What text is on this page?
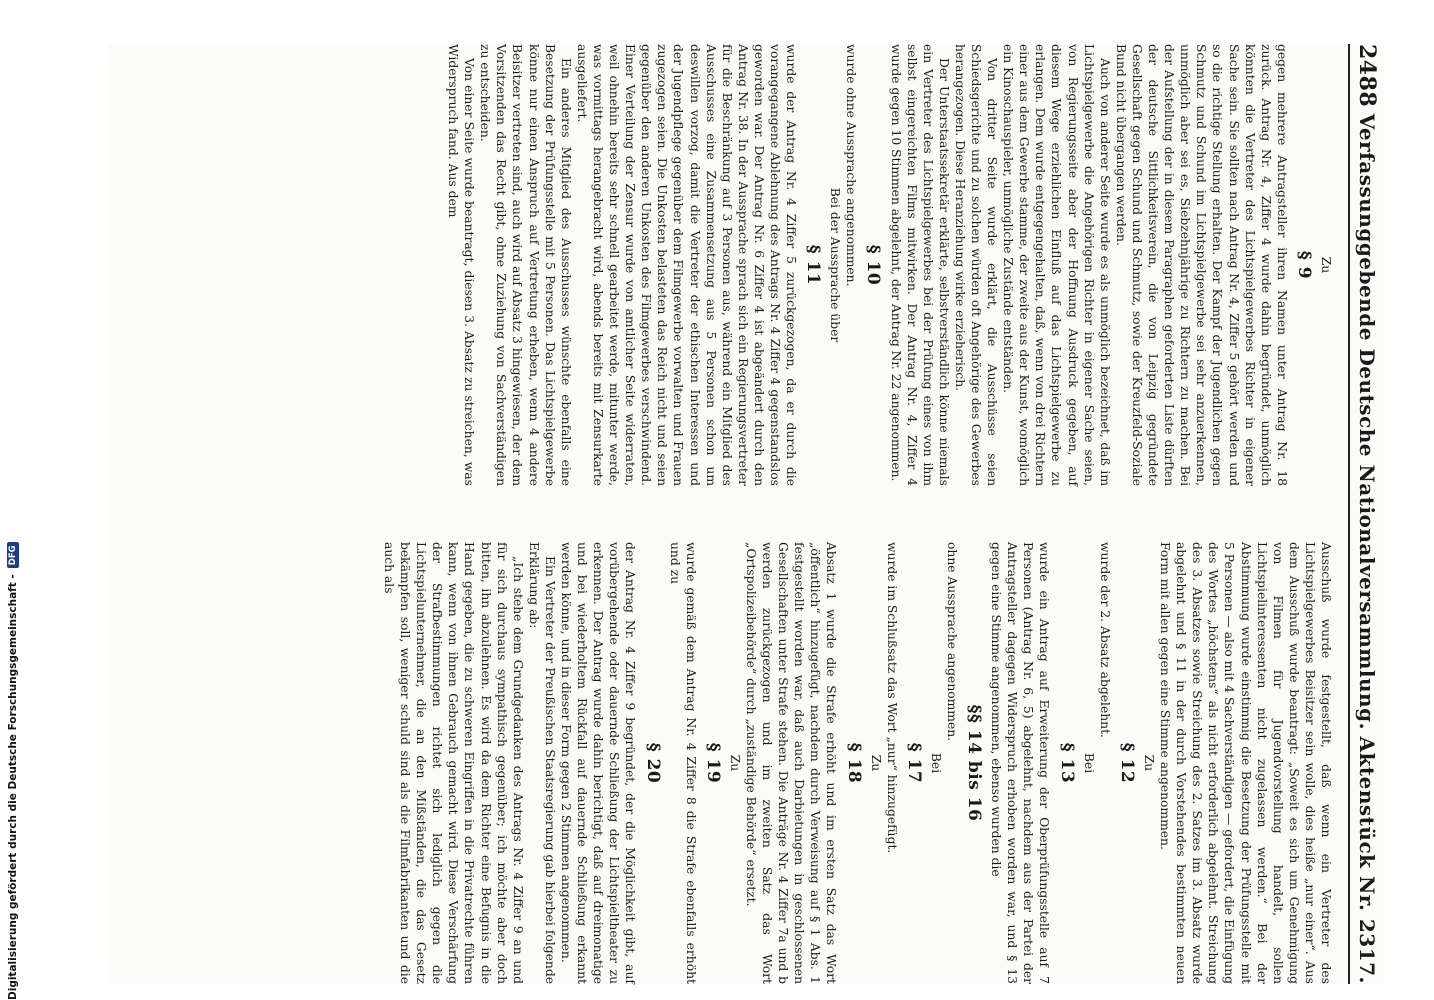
2488
Verfassunggebende Deutsche Nationalversammlung.
Aktenstück Nr. 2317.

Zu

§ 9

gegen mehrere Antragsteller ihren Namen unter Antrag Nr. 18 zurück. Antrag Nr. 4, Ziffer 4 wurde dahin begründet, unmöglich könnten die Vertreter des Lichtspielgewerbes Richter in eigener Sache sein. Sie sollten nach Antrag Nr. 4, Ziffer 5 gehört werden und so die richtige Stellung erhalten. Der Kampf der Jugendlichen gegen Schmutz und Schund im Lichtspielgewerbe sei sehr anzuerkennen, unmöglich aber sei es, Siebzehnjährige zu Richtern zu machen. Bei der Aufstellung der in diesem Paragraphen geforderten Liste dürften der deutsche Sittlichkeitsverein, die von Leipzig gegründete Gesellschaft gegen Schund und Schmutz, sowie der Kreuzfeld-Soziale Bund nicht übergangen werden.

Auch von anderer Seite wurde es als unmöglich bezeichnet, daß im Lichtspielgewerbe die Angehörigen Richter in eigener Sache seien, von Regierungsseite aber der Hoffnung Ausdruck gegeben, auf diesem Wege erziehlichen Einfluß auf das Lichtspielgewerbe zu erlangen. Dem wurde entgegengehalten, daß, wenn von drei Richtern einer aus dem Gewerbe stamme, der zweite aus der Kunst, womöglich ein Kinoschauspieler, unmögliche Zustände entständen.

Von dritter Seite wurde erklärt, die Ausschüsse seien Schiedsgerichte und zu solchen würden oft Angehörige des Gewerbes herangezogen. Diese Heranziehung wirke erzieherisch.

Der Unterstaatssekretär erklärte, selbstverständlich könne niemals ein Vertreter des Lichtspielgewerbes bei der Prüfung eines von ihm selbst eingereichten Films mitwirken. Der Antrag Nr. 4, Ziffer 4 wurde gegen 10 Stimmen abgelehnt, der Antrag Nr. 22 angenommen.

§ 10

wurde ohne Aussprache angenommen.

Bei der Aussprache über

§ 11

wurde der Antrag Nr. 4 Ziffer 5 zurückgezogen, da er durch die vorangegangene Ablehnung des Antrags Nr. 4 Ziffer 4 gegenstandslos geworden war. Der Antrag Nr. 6 Ziffer 4 ist abgeändert durch den Antrag Nr. 38. In der Aussprache sprach sich ein Regierungsvertreter für die Beschränkung auf 3 Personen aus, während ein Mitglied des Ausschusses eine Zusammensetzung aus 5 Personen schon um deswillen vorzog, damit die Vertreter der ethischen Interessen und der Jugendpflege gegenüber dem Filmgewerbe vorwalten und Frauen zugezogen seien. Die Unkosten belasteten das Reich nicht und seien gegenüber den anderen Unkosten des Filmgewerbes verschwindend. Einer Verteilung der Zensur wurde von amtlicher Seite widerraten, weil ohnehin bereits sehr schnell gearbeitet werde, mitunter werde, was vormittags herangebracht wird, abends bereits mit Zensurkarte ausgeliefert.

Ein anderes Mitglied des Ausschusses wünschte ebenfalls eine Besetzung der Prüfungsstelle mit 5 Personen. Das Lichtspielgewerbe könne nur einen Anspruch auf Vertretung erheben, wenn 4 andere Beisitzer vertreten sind, auch wird auf Absatz 3 hingewiesen, der dem Vorsitzenden das Recht gibt, ohne Zuziehung von Sachverständigen zu entscheiden.

Von einer Seite wurde beantragt, diesen 3. Absatz zu streichen, was Widerspruch fand. Aus dem

Ausschuß wurde festgestellt, daß wenn ein Vertreter des Lichtspielgewerbes Beisitzer sein wolle, dies heiße „nur einer“. Aus dem Ausschuß wurde beantragt: „Soweit es sich um Genehmigung von Filmen für Jugendvorstellung handelt, sollen Lichtspielinteressenten nicht zugelassen werden.“ Bei der Abstimmung wurde einstimmig die Besetzung der Prüfungsstelle mit 5 Personen — also mit 4 Sachverständigen — gefordert, die Einfügung des Wortes „höchstens“ als nicht erforderlich abgelehnt. Streichung des 3. Absatzes sowie Streichung des 2. Satzes im 3. Absatz wurde abgelehnt und § 11 in der durch Vorstehendes bestimmten neuen Form mit allen gegen eine Stimme angenommen.

Zu

§ 12

wurde der 2. Absatz abgelehnt.

Bei

§ 13

wurde ein Antrag auf Erweiterung der Oberprüfungsstelle auf 7 Personen (Antrag Nr. 6, 5) abgelehnt, nachdem aus der Partei der Antragsteller dagegen Widerspruch erhoben worden war, und § 13 gegen eine Stimme angenommen, ebenso wurden die

§§ 14 bis 16

ohne Aussprache angenommen.

Bei

§ 17

wurde im Schlußsatz das Wort „nur“ hinzugefügt.

Zu

§ 18

Absatz 1 wurde die Strafe erhöht und im ersten Satz das Wort „öffentlich“ hinzugefügt, nachdem durch Verweisung auf § 1 Abs. 1 festgestellt worden war, daß auch Darbietungen in geschlossenen Gesellschaften unter Strafe stehen. Die Anträge Nr. 4 Ziffer 7a und b werden zurückgezogen und im zweiten Satz das Wort „Ortspolizeibehörde“ durch „zuständige Behörde“ ersetzt.

Zu

§ 19

wurde gemäß dem Antrag Nr. 4 Ziffer 8 die Strafe ebenfalls erhöht und zu

§ 20

der Antrag Nr. 4 Ziffer 9 begründet, der die Möglichkeit gibt, auf vorübergehende oder dauernde Schließung der Lichtspieltheater zu erkennen. Der Antrag wurde dahin berichtigt, daß auf dreimonatige und bei wiederholtem Rückfall auf dauernde Schließung erkannt werden könne, und in dieser Form gegen 2 Stimmen angenommen.

Ein Vertreter der Preußischen Staatsregierung gab hierbei folgende Erklärung ab:

„Ich stehe dem Grundgedanken des Antrags Nr. 4 Ziffer 9 an und für sich durchaus sympathisch gegenüber; ich möchte aber doch bitten, ihn abzulehnen. Es wird da dem Richter eine Befugnis in die Hand gegeben, die zu schweren Eingriffen in die Privatrechte führen kann, wenn von ihnen Gebrauch gemacht wird. Diese Verschärfung der Strafbestimmungen richtet sich lediglich gegen die Lichtspielunternehmer, die an den Mißständen, die das Gesetz bekämpfen soll, weniger schuld sind als die Filmfabrikanten und die auch als

Digitalisierung gefördert durch die Deutsche Forschungsgemeinschaft -
DFG
